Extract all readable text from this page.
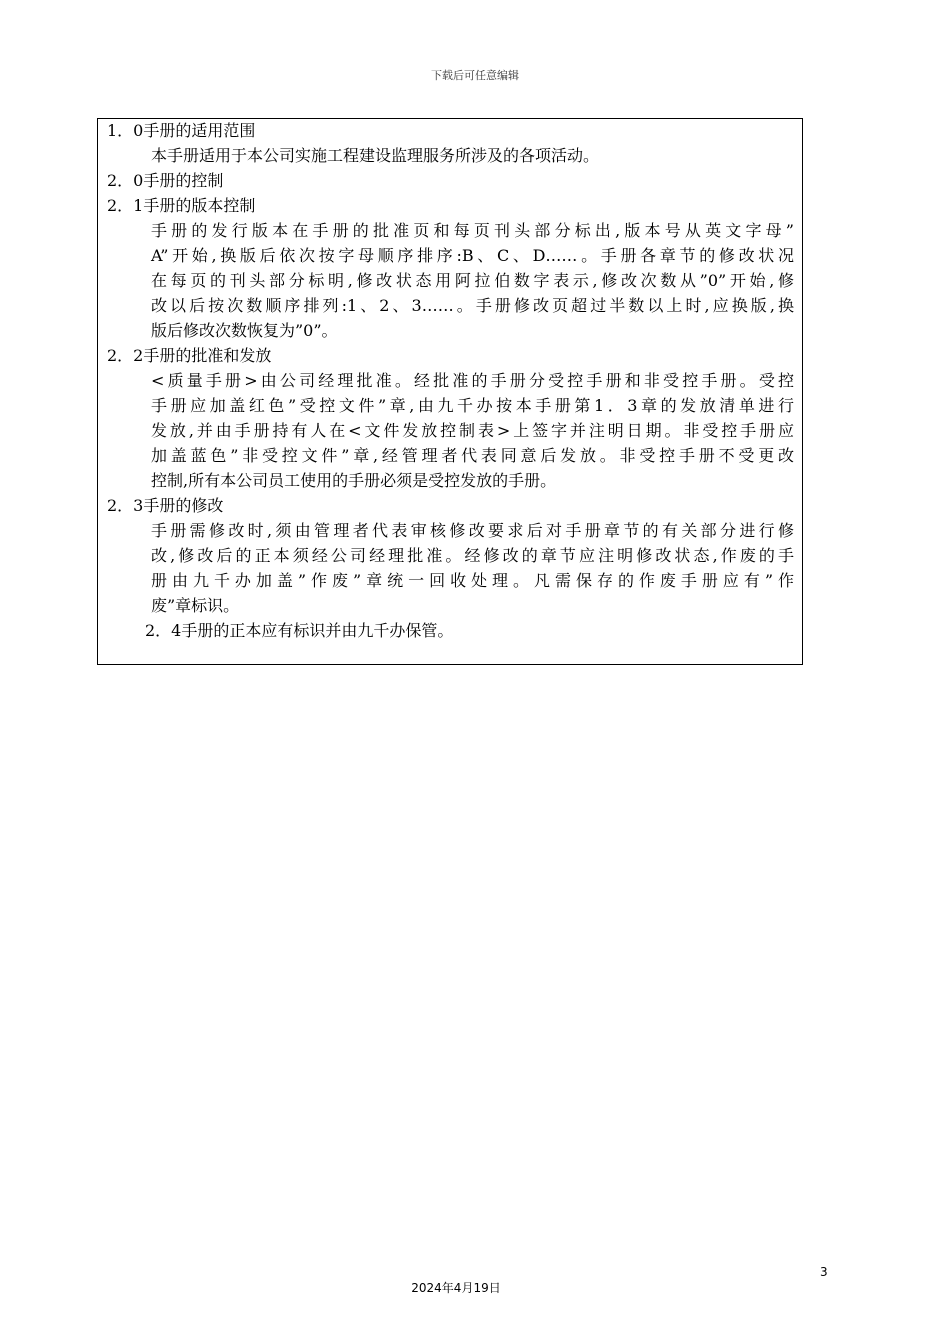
下载后可任意编辑
1．0手册的适用范围
本手册适用于本公司实施工程建设监理服务所涉及的各项活动。
2．0手册的控制
2．1手册的版本控制
手册的发行版本在手册的批准页和每页刊头部分标出,版本号从英文字母”
A”开始,换版后依次按字母顺序排序:B、C、D……。手册各章节的修改状况
在每页的刊头部分标明,修改状态用阿拉伯数字表示,修改次数从”0”开始,修
改以后按次数顺序排列:1、2、3……。手册修改页超过半数以上时,应换版,换
版后修改次数恢复为”0”。
2．2手册的批准和发放
<质量手册>由公司经理批准。经批准的手册分受控手册和非受控手册。受控
手册应加盖红色”受控文件”章,由九千办按本手册第1．3章的发放清单进行
发放,并由手册持有人在<文件发放控制表>上签字并注明日期。非受控手册应
加盖蓝色”非受控文件”章,经管理者代表同意后发放。非受控手册不受更改
控制,所有本公司员工使用的手册必须是受控发放的手册。
2．3手册的修改
手册需修改时,须由管理者代表审核修改要求后对手册章节的有关部分进行修
改,修改后的正本须经公司经理批准。经修改的章节应注明修改状态,作废的手
册由九千办加盖”作废”章统一回收处理。凡需保存的作废手册应有”作
废”章标识。
2．4手册的正本应有标识并由九千办保管。
3
2024年4月19日
